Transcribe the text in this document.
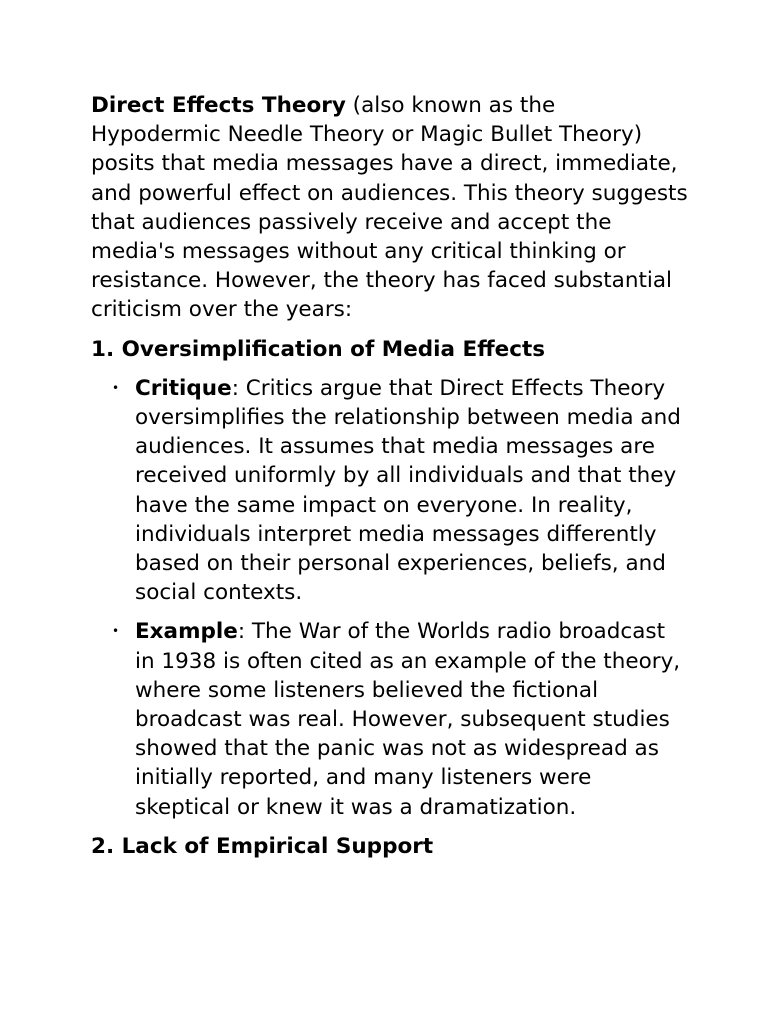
Direct Effects Theory (also known as the Hypodermic Needle Theory or Magic Bullet Theory) posits that media messages have a direct, immediate, and powerful effect on audiences. This theory suggests that audiences passively receive and accept the media's messages without any critical thinking or resistance. However, the theory has faced substantial criticism over the years:

1. Oversimplification of Media Effects
• Critique: Critics argue that Direct Effects Theory oversimplifies the relationship between media and audiences. It assumes that media messages are received uniformly by all individuals and that they have the same impact on everyone. In reality, individuals interpret media messages differently based on their personal experiences, beliefs, and social contexts.
• Example: The War of the Worlds radio broadcast in 1938 is often cited as an example of the theory, where some listeners believed the fictional broadcast was real. However, subsequent studies showed that the panic was not as widespread as initially reported, and many listeners were skeptical or knew it was a dramatization.
2. Lack of Empirical Support
